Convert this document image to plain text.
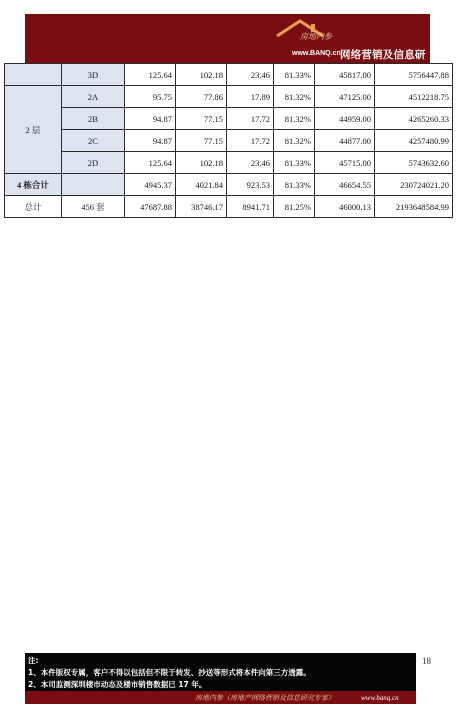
房地内参
www.BANQ.cn 网络营销及信息研
	3D	125.64	102.18	23.46	81.33%	45817.00	5756447.88
2 层	2A	95.75	77.86	17.89	81.32%	47125.00	4512218.75
	2B	94.87	77.15	17.72	81.32%	44959.00	4265260.33
	2C	94.87	77.15	17.72	81.32%	44877.00	4257480.99
	2D	125.64	102.18	23.46	81.33%	45715.00	5743632.60
4 栋合计		4945.37	4021.84	923.53	81.33%	46654.55	230724021.20
总计	456 套	47687.88	38746.17	8941.71	81.25%	46000.13	2193648584.99
注:
1、本件版权专属，客户不得以包括但不限于转发、抄送等形式将本件向第三方透露。
2、本司监测深圳楼市动态及楼市销售数据已 17 年。
18
房地内参（房地产网络营销及信息研究专家）	www.banq.cn
